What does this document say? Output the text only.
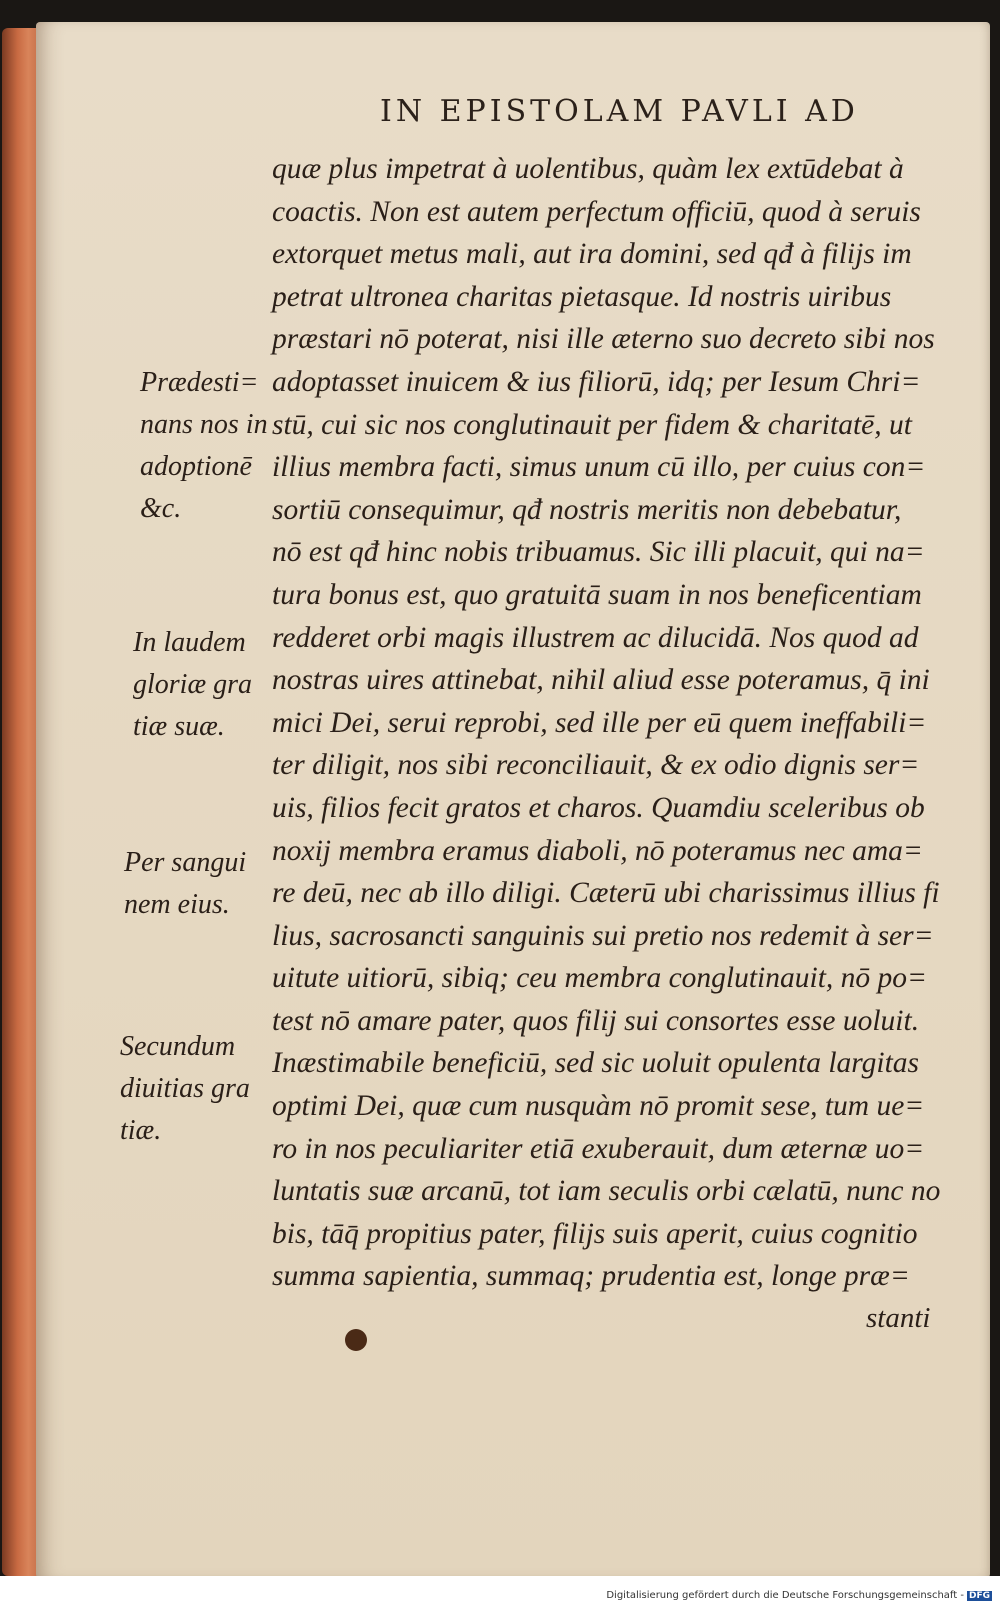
IN EPISTOLAM PAVLI AD
quæ plus impetrat à uolentibus, quàm lex extūdebat à
coactis. Non est autem perfectum officiū, quod à seruis
extorquet metus mali, aut ira domini, sed qđ à filijs im
petrat ultronea charitas pietasque. Id nostris uiribus
præstari nō poterat, nisi ille æterno suo decreto sibi nos
adoptasset inuicem & ius filiorū, idq; per Iesum Chri=
stū, cui sic nos conglutinauit per fidem & charitatē, ut
illius membra facti, simus unum cū illo, per cuius con=
sortiū consequimur, qđ nostris meritis non debebatur,
nō est qđ hinc nobis tribuamus. Sic illi placuit, qui na=
tura bonus est, quo gratuitā suam in nos beneficentiam
redderet orbi magis illustrem ac dilucidā. Nos quod ad
nostras uires attinebat, nihil aliud esse poteramus, q̄ ini
mici Dei, serui reprobi, sed ille per eū quem ineffabili=
ter diligit, nos sibi reconciliauit, & ex odio dignis ser=
uis, filios fecit gratos et charos. Quamdiu sceleribus ob
noxij membra eramus diaboli, nō poteramus nec ama=
re deū, nec ab illo diligi. Cæterū ubi charissimus illius fi
lius, sacrosancti sanguinis sui pretio nos redemit à ser=
uitute uitiorū, sibiq; ceu membra conglutinauit, nō po=
test nō amare pater, quos filij sui consortes esse uoluit.
Inæstimabile beneficiū, sed sic uoluit opulenta largitas
optimi Dei, quæ cum nusquàm nō promit sese, tum ue=
ro in nos peculiariter etiā exuberauit, dum æternæ uo=
luntatis suæ arcanū, tot iam seculis orbi cælatū, nunc no
bis, tāq̄ propitius pater, filijs suis aperit, cuius cognitio
summa sapientia, summaq; prudentia est, longe præ=
stanti
Prædesti=
nans nos in
adoptionē
&c.
In laudem
gloriæ gra
tiæ suæ.
Per sangui
nem eius.
Secundum
diuitias gra
tiæ.
Digitalisierung gefördert durch die Deutsche Forschungsgemeinschaft - DFG
